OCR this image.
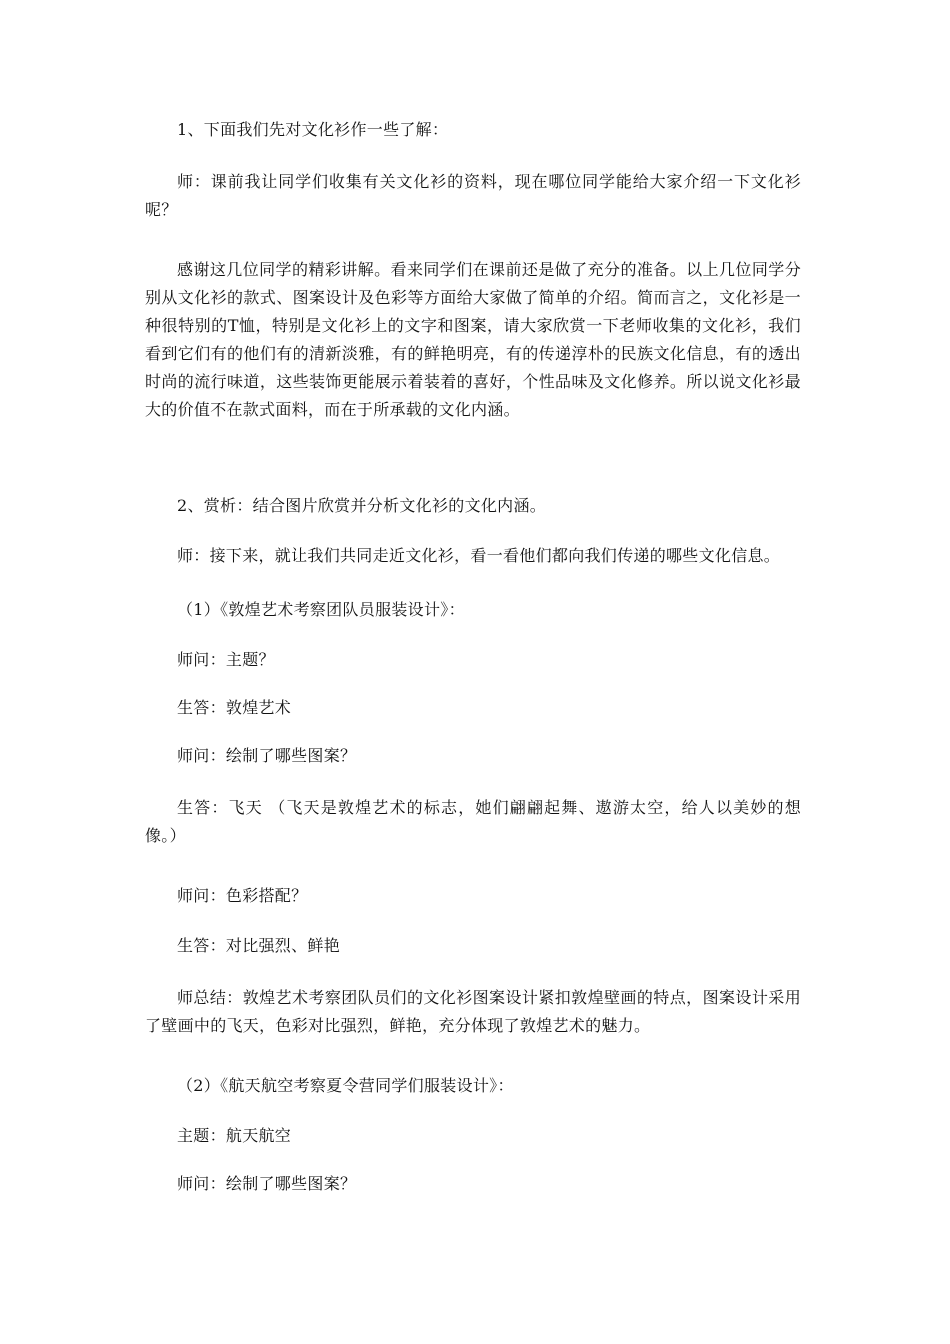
1、下面我们先对文化衫作一些了解：

师：课前我让同学们收集有关文化衫的资料，现在哪位同学能给大家介绍一下文化衫呢？

感谢这几位同学的精彩讲解。看来同学们在课前还是做了充分的准备。以上几位同学分别从文化衫的款式、图案设计及色彩等方面给大家做了简单的介绍。简而言之，文化衫是一种很特别的T恤，特别是文化衫上的文字和图案，请大家欣赏一下老师收集的文化衫，我们看到它们有的他们有的清新淡雅，有的鲜艳明亮，有的传递淳朴的民族文化信息，有的透出时尚的流行味道，这些装饰更能展示着装着的喜好，个性品味及文化修养。所以说文化衫最大的价值不在款式面料，而在于所承载的文化内涵。

2、赏析：结合图片欣赏并分析文化衫的文化内涵。

师：接下来，就让我们共同走近文化衫，看一看他们都向我们传递的哪些文化信息。

（1）《敦煌艺术考察团队员服装设计》：

师问：主题？

生答：敦煌艺术

师问：绘制了哪些图案？

生答：飞天 （飞天是敦煌艺术的标志，她们翩翩起舞、遨游太空，给人以美妙的想像。）

师问：色彩搭配？

生答：对比强烈、鲜艳

师总结：敦煌艺术考察团队员们的文化衫图案设计紧扣敦煌壁画的特点，图案设计采用了壁画中的飞天，色彩对比强烈，鲜艳，充分体现了敦煌艺术的魅力。

（2）《航天航空考察夏令营同学们服装设计》：

主题：航天航空

师问：绘制了哪些图案？
